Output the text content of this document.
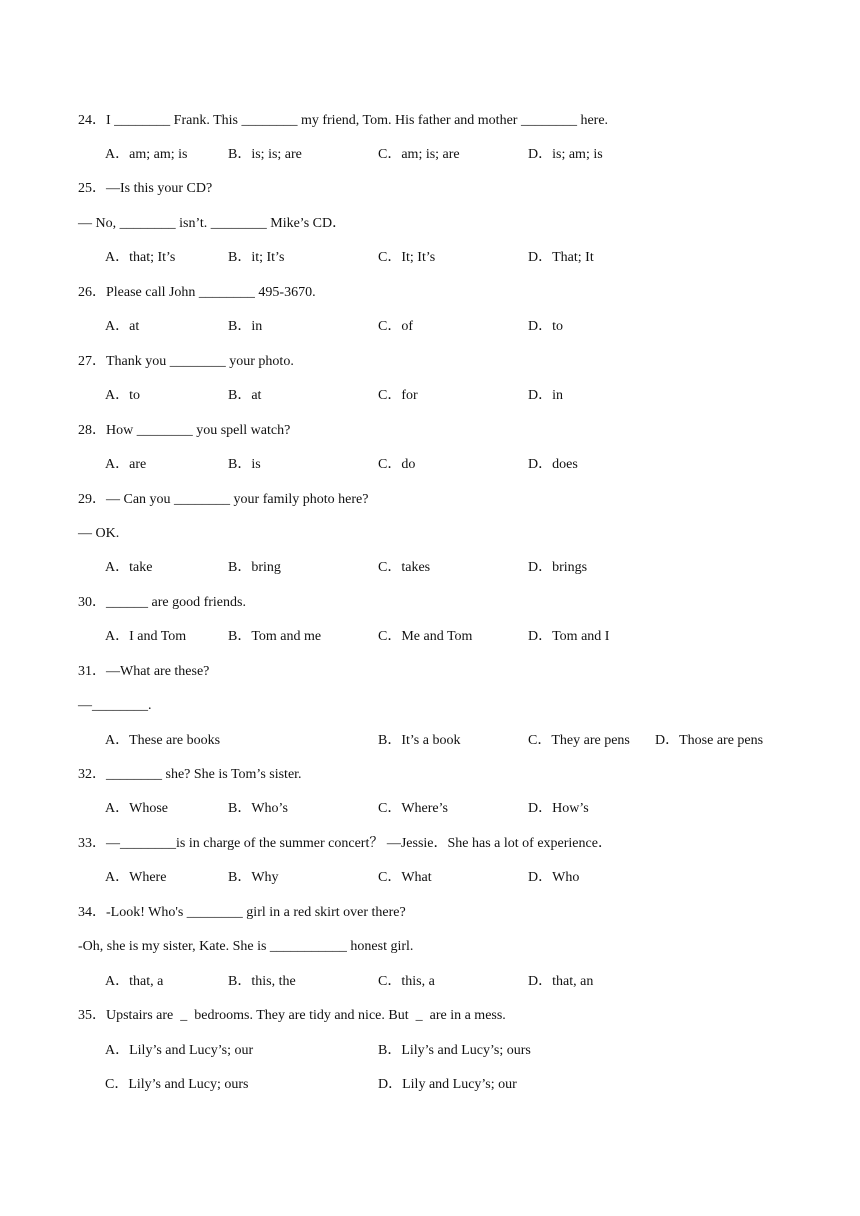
24．I ________ Frank. This ________ my friend, Tom. His father and mother ________ here.
A．am; am; is	B．is; is; are	C．am; is; are	D．is; am; is
25．—Is this your CD?
— No, ________ isn’t. ________ Mike’s CD．
A．that; It’s	B．it; It’s	C．It; It’s	D．That; It
26．Please call John ________ 495-3670.
A．at	B．in	C．of	D．to
27．Thank you ________ your photo.
A．to	B．at	C．for	D．in
28．How ________ you spell watch?
A．are	B．is	C．do	D．does
29．— Can you ________ your family photo here?
— OK.
A．take	B．bring	C．takes	D．brings
30．______ are good friends.
A．I and Tom	B．Tom and me	C．Me and Tom	D．Tom and I
31．—What are these?
—________.
A．These are books	B．It’s a book	C．They are pens D．Those are pens
32．________ she? She is Tom’s sister.
A．Whose	B．Who’s	C．Where’s	D．How’s
33．—________is in charge of the summer concert？ —Jessie．She has a lot of experience．
A．Where	B．Why	C．What	D．Who
34．-Look! Who's ________ girl in a red skirt over there?
-Oh, she is my sister, Kate. She is ___________ honest girl.
A．that, a	B．this, the	C．this, a	D．that, an
35．Upstairs are  _  bedrooms. They are tidy and nice. But  _  are in a mess.
A．Lily’s and Lucy’s; our	B．Lily’s and Lucy’s; ours
C．Lily’s and Lucy; ours	D．Lily and Lucy’s; our
